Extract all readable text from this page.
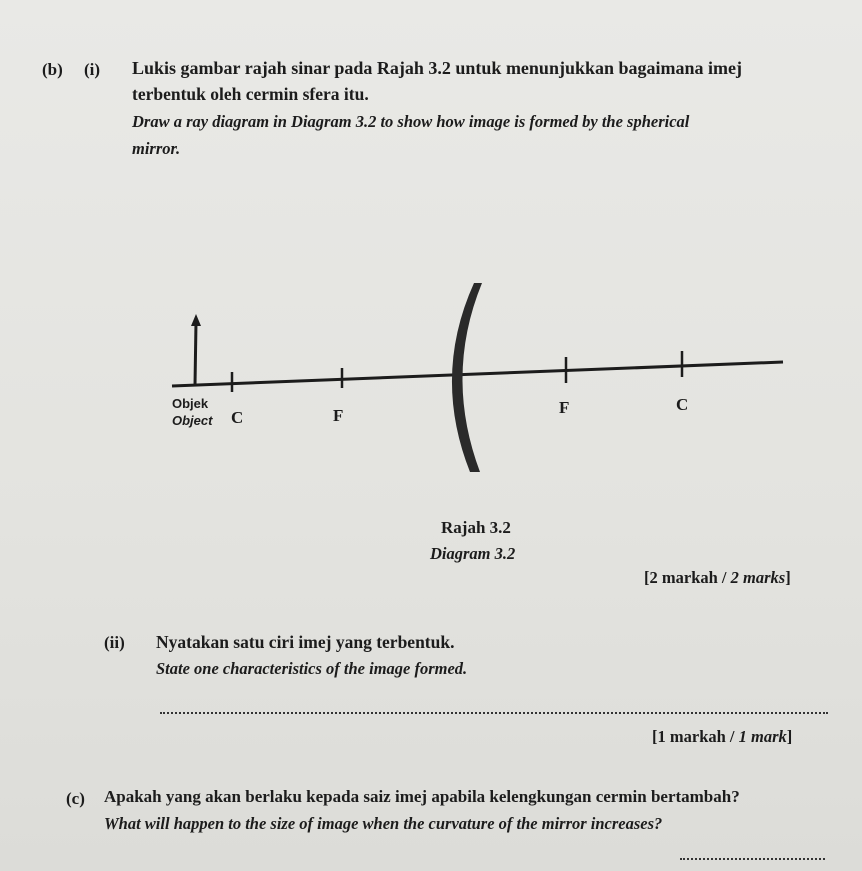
(b) (i) Lukis gambar rajah sinar pada Rajah 3.2 untuk menunjukkan bagaimana imej
terbentuk oleh cermin sfera itu.
Draw a ray diagram in Diagram 3.2 to show how image is formed by the spherical
mirror.
Objek
Object C	F	F	C
Rajah 3.2
Diagram 3.2
[2 markah / 2 marks]
(ii) Nyatakan satu ciri imej yang terbentuk.
State one characteristics of the image formed.
[1 markah / 1 mark]
(c) Apakah yang akan berlaku kepada saiz imej apabila kelengkungan cermin bertambah?
What will happen to the size of image when the curvature of the mirror increases?
